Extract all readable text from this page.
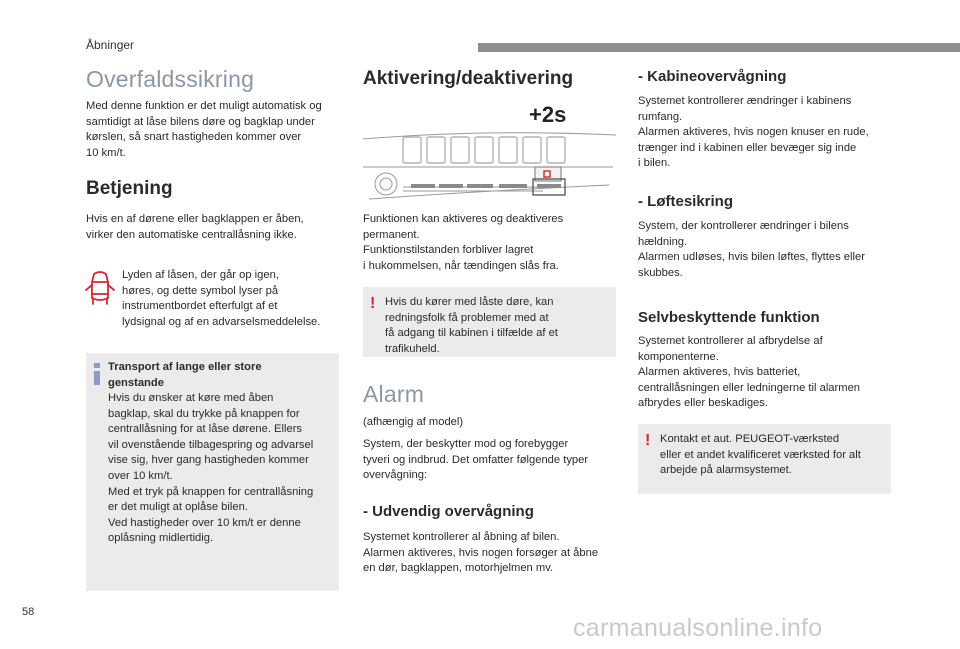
Åbninger
Overfaldssikring

Med denne funktion er det muligt automatisk og
samtidigt at låse bilens døre og bagklap under
kørslen, så snart hastigheden kommer over
10 km/t.

Betjening

Hvis en af dørene eller bagklappen er åben,
virker den automatiske centrallåsning ikke.

Lyden af låsen, der går op igen,
høres, og dette symbol lyser på
instrumentbordet efterfulgt af et
lydsignal og af en advarselsmeddelelse.

Transport af lange eller store
genstande

Hvis du ønsker at køre med åben
bagklap, skal du trykke på knappen for
centrallåsning for at låse dørene. Ellers
vil ovenstående tilbagespring og advarsel
vise sig, hver gang hastigheden kommer
over 10 km/t.
Med et tryk på knappen for centrallåsning
er det muligt at oplåse bilen.
Ved hastigheder over 10 km/t er denne
oplåsning midlertidig.

Aktivering/deaktivering
+2s

Funktionen kan aktiveres og deaktiveres
permanent.
Funktionstilstanden forbliver lagret
i hukommelsen, når tændingen slås fra.

! Hvis du kører med låste døre, kan
redningsfolk få problemer med at
få adgang til kabinen i tilfælde af et
trafikuheld.

Alarm

(afhængig af model)

System, der beskytter mod og forebygger
tyveri og indbrud. Det omfatter følgende typer
overvågning:

- Udvendig overvågning

Systemet kontrollerer al åbning af bilen.
Alarmen aktiveres, hvis nogen forsøger at åbne
en dør, bagklappen, motorhjelmen mv.

- Kabineovervågning

Systemet kontrollerer ændringer i kabinens
rumfang.
Alarmen aktiveres, hvis nogen knuser en rude,
trænger ind i kabinen eller bevæger sig inde
i bilen.

- Løftesikring

System, der kontrollerer ændringer i bilens
hældning.
Alarmen udløses, hvis bilen løftes, flyttes eller
skubbes.

Selvbeskyttende funktion

Systemet kontrollerer al afbrydelse af
komponenterne.
Alarmen aktiveres, hvis batteriet,
centrallåsningen eller ledningerne til alarmen
afbrydes eller beskadiges.

! Kontakt et aut. PEUGEOT-værksted
eller et andet kvalificeret værksted for alt
arbejde på alarmsystemet.

58
carmanualsonline.info
